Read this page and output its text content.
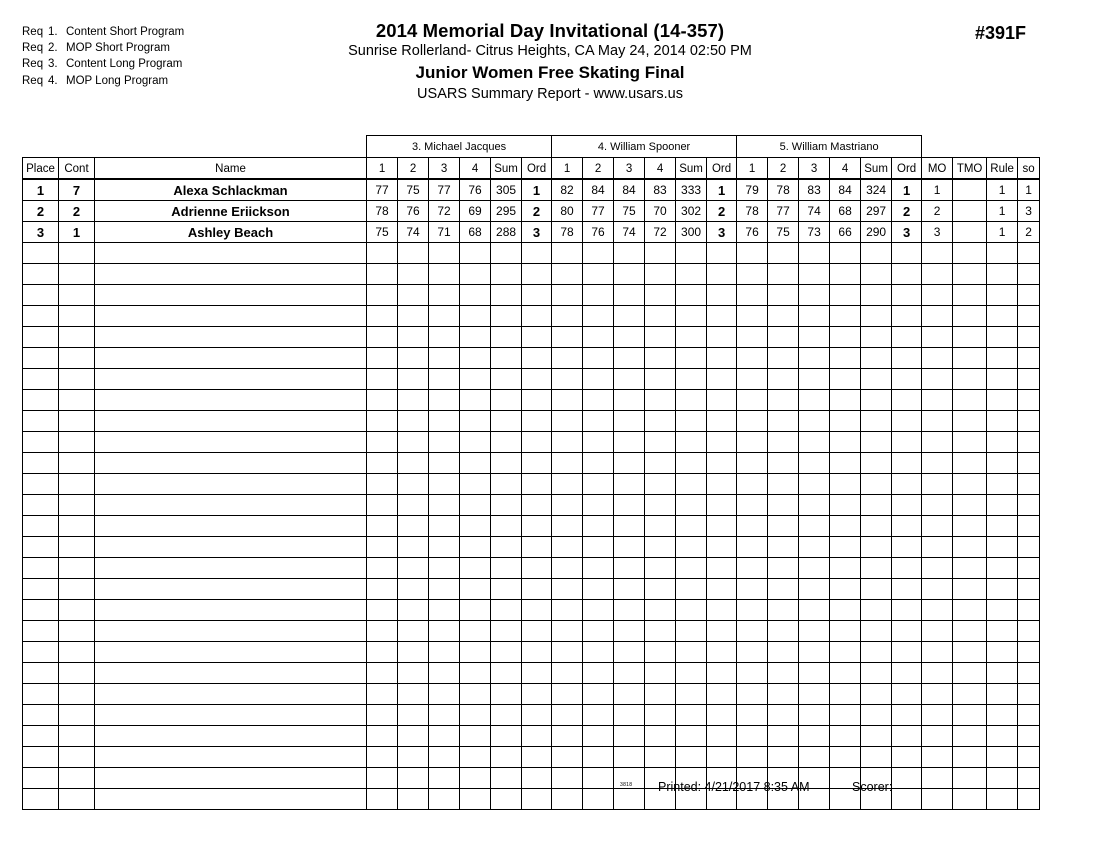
Req 1. Content Short Program
Req 2. MOP Short Program
Req 3. Content Long Program
Req 4. MOP Long Program
2014 Memorial Day Invitational (14-357)
Sunrise Rollerland- Citrus Heights, CA May 24, 2014 02:50 PM
Junior Women Free Skating Final
USARS Summary Report - www.usars.us
#391F
			3. Michael Jacques						4. William Spooner						5. William Mastriano									
Place	Cont	Name	1	2	3	4	Sum	Ord	1	2	3	4	Sum	Ord	1	2	3	4	Sum	Ord	MO	TMO	Rule	so
1	7	Alexa Schlackman	77	75	77	76	305	1	82	84	84	83	333	1	79	78	83	84	324	1	1		1	1
2	2	Adrienne Eriickson	78	76	72	69	295	2	80	77	75	70	302	2	78	77	74	68	297	2	2		1	3
3	1	Ashley Beach	75	74	71	68	288	3	78	76	74	72	300	3	76	75	73	66	290	3	3		1	2

3818 Printed: 4/21/2017 8:35 AM	Scorer:
